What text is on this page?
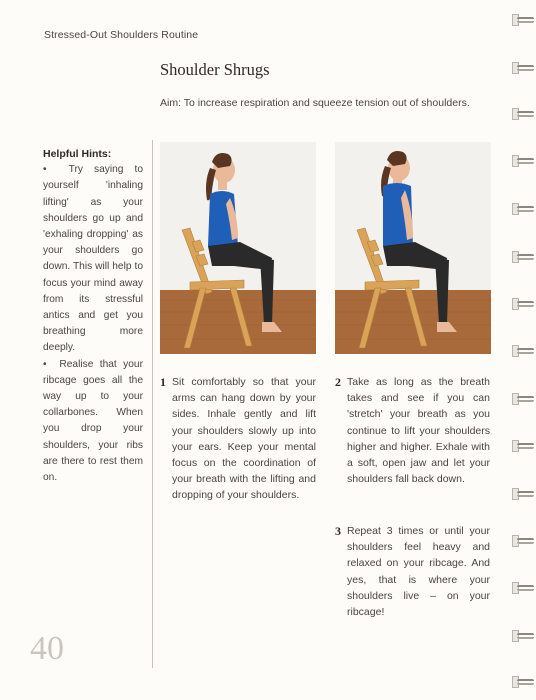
Stressed-Out Shoulders Routine
Shoulder Shrugs
Aim: To increase respiration and squeeze tension out of shoulders.
Helpful Hints:
•  Try saying to yourself 'inhaling lifting' as your shoulders go up and 'exhaling dropping' as your shoulders go down. This will help to focus your mind away from its stressful antics and get you breathing more deeply.
•  Realise that your ribcage goes all the way up to your collarbones. When you drop your shoulders, your ribs are there to rest them on.
1 Sit comfortably so that your arms can hang down by your sides. Inhale gently and lift your shoulders slowly up into your ears. Keep your mental focus on the coordination of your breath with the lifting and dropping of your shoulders.
2 Take as long as the breath takes and see if you can 'stretch' your breath as you continue to lift your shoulders higher and higher. Exhale with a soft, open jaw and let your shoulders fall back down.
3 Repeat 3 times or until your shoulders feel heavy and relaxed on your ribcage. And yes, that is where your shoulders live – on your ribcage!
40
